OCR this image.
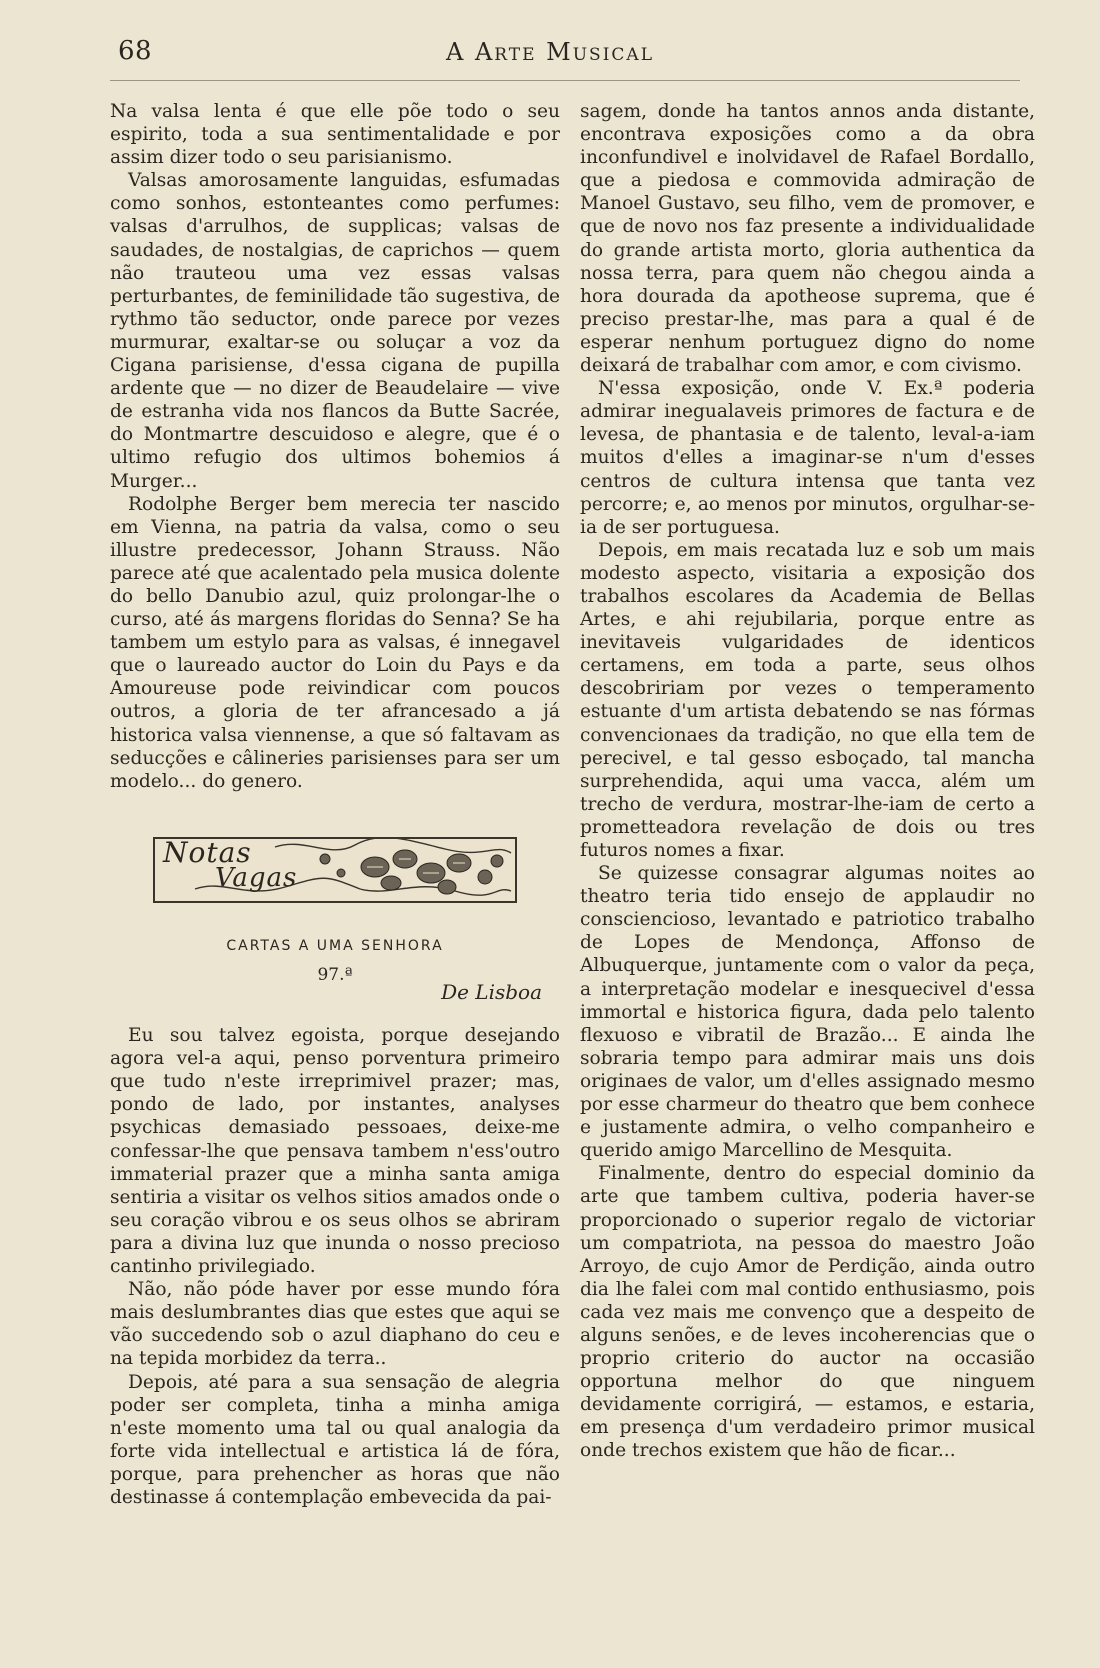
68	A Arte Musical

Na valsa lenta é que elle põe todo o seu espirito, toda a sua sentimentalidade e por assim dizer todo o seu parisianismo.

Valsas amorosamente languidas, esfumadas como sonhos, estonteantes como perfumes: valsas d'arrulhos, de supplicas; valsas de saudades, de nostalgias, de caprichos — quem não trauteou uma vez essas valsas perturbantes, de feminilidade tão sugestiva, de rythmo tão seductor, onde parece por vezes murmurar, exaltar-se ou soluçar a voz da Cigana parisiense, d'essa cigana de pupilla ardente que — no dizer de Beaudelaire — vive de estranha vida nos flancos da Butte Sacrée, do Montmartre descuidoso e alegre, que é o ultimo refugio dos ultimos bohemios á Murger...

Rodolphe Berger bem merecia ter nascido em Vienna, na patria da valsa, como o seu illustre predecessor, Johann Strauss. Não parece até que acalentado pela musica dolente do bello Danubio azul, quiz prolongar-lhe o curso, até ás margens floridas do Senna? Se ha tambem um estylo para as valsas, é innegavel que o laureado auctor do Loin du Pays e da Amoureuse pode reivindicar com poucos outros, a gloria de ter afrancesado a já historica valsa viennense, a que só faltavam as seducções e câlineries parisienses para ser um modelo... do genero.

Notas
Vagas
CARTAS A UMA SENHORA
97.ª
De Lisboa

Eu sou talvez egoista, porque desejando agora vel-a aqui, penso porventura primeiro que tudo n'este irreprimivel prazer; mas, pondo de lado, por instantes, analyses psychicas demasiado pessoaes, deixe-me confessar-lhe que pensava tambem n'ess'outro immaterial prazer que a minha santa amiga sentiria a visitar os velhos sitios amados onde o seu coração vibrou e os seus olhos se abriram para a divina luz que inunda o nosso precioso cantinho privilegiado.

Não, não póde haver por esse mundo fóra mais deslumbrantes dias que estes que aqui se vão succedendo sob o azul diaphano do ceu e na tepida morbidez da terra..

Depois, até para a sua sensação de alegria poder ser completa, tinha a minha amiga n'este momento uma tal ou qual analogia da forte vida intellectual e artistica lá de fóra, porque, para prehencher as horas que não destinasse á contemplação embevecida da pai-

sagem, donde ha tantos annos anda distante, encontrava exposições como a da obra inconfundivel e inolvidavel de Rafael Bordallo, que a piedosa e commovida admiração de Manoel Gustavo, seu filho, vem de promover, e que de novo nos faz presente a individualidade do grande artista morto, gloria authentica da nossa terra, para quem não chegou ainda a hora dourada da apotheose suprema, que é preciso prestar-lhe, mas para a qual é de esperar nenhum portuguez digno do nome deixará de trabalhar com amor, e com civismo.

N'essa exposição, onde V. Ex.ª poderia admirar inegualaveis primores de factura e de levesa, de phantasia e de talento, leval-a-iam muitos d'elles a imaginar-se n'um d'esses centros de cultura intensa que tanta vez percorre; e, ao menos por minutos, orgulhar-se-ia de ser portuguesa.

Depois, em mais recatada luz e sob um mais modesto aspecto, visitaria a exposição dos trabalhos escolares da Academia de Bellas Artes, e ahi rejubilaria, porque entre as inevitaveis vulgaridades de identicos certamens, em toda a parte, seus olhos descobririam por vezes o temperamento estuante d'um artista debatendo se nas fórmas convencionaes da tradição, no que ella tem de perecivel, e tal gesso esboçado, tal mancha surprehendida, aqui uma vacca, além um trecho de verdura, mostrar-lhe-iam de certo a prometteadora revelação de dois ou tres futuros nomes a fixar.

Se quizesse consagrar algumas noites ao theatro teria tido ensejo de applaudir no consciencioso, levantado e patriotico trabalho de Lopes de Mendonça, Affonso de Albuquerque, juntamente com o valor da peça, a interpretação modelar e inesquecivel d'essa immortal e historica figura, dada pelo talento flexuoso e vibratil de Brazão... E ainda lhe sobraria tempo para admirar mais uns dois originaes de valor, um d'elles assignado mesmo por esse charmeur do theatro que bem conhece e justamente admira, o velho companheiro e querido amigo Marcellino de Mesquita.

Finalmente, dentro do especial dominio da arte que tambem cultiva, poderia haver-se proporcionado o superior regalo de victoriar um compatriota, na pessoa do maestro João Arroyo, de cujo Amor de Perdição, ainda outro dia lhe falei com mal contido enthusiasmo, pois cada vez mais me convenço que a despeito de alguns senões, e de leves incoherencias que o proprio criterio do auctor na occasião opportuna melhor do que ninguem devidamente corrigirá, — estamos, e estaria, em presença d'um verdadeiro primor musical onde trechos existem que hão de ficar...
